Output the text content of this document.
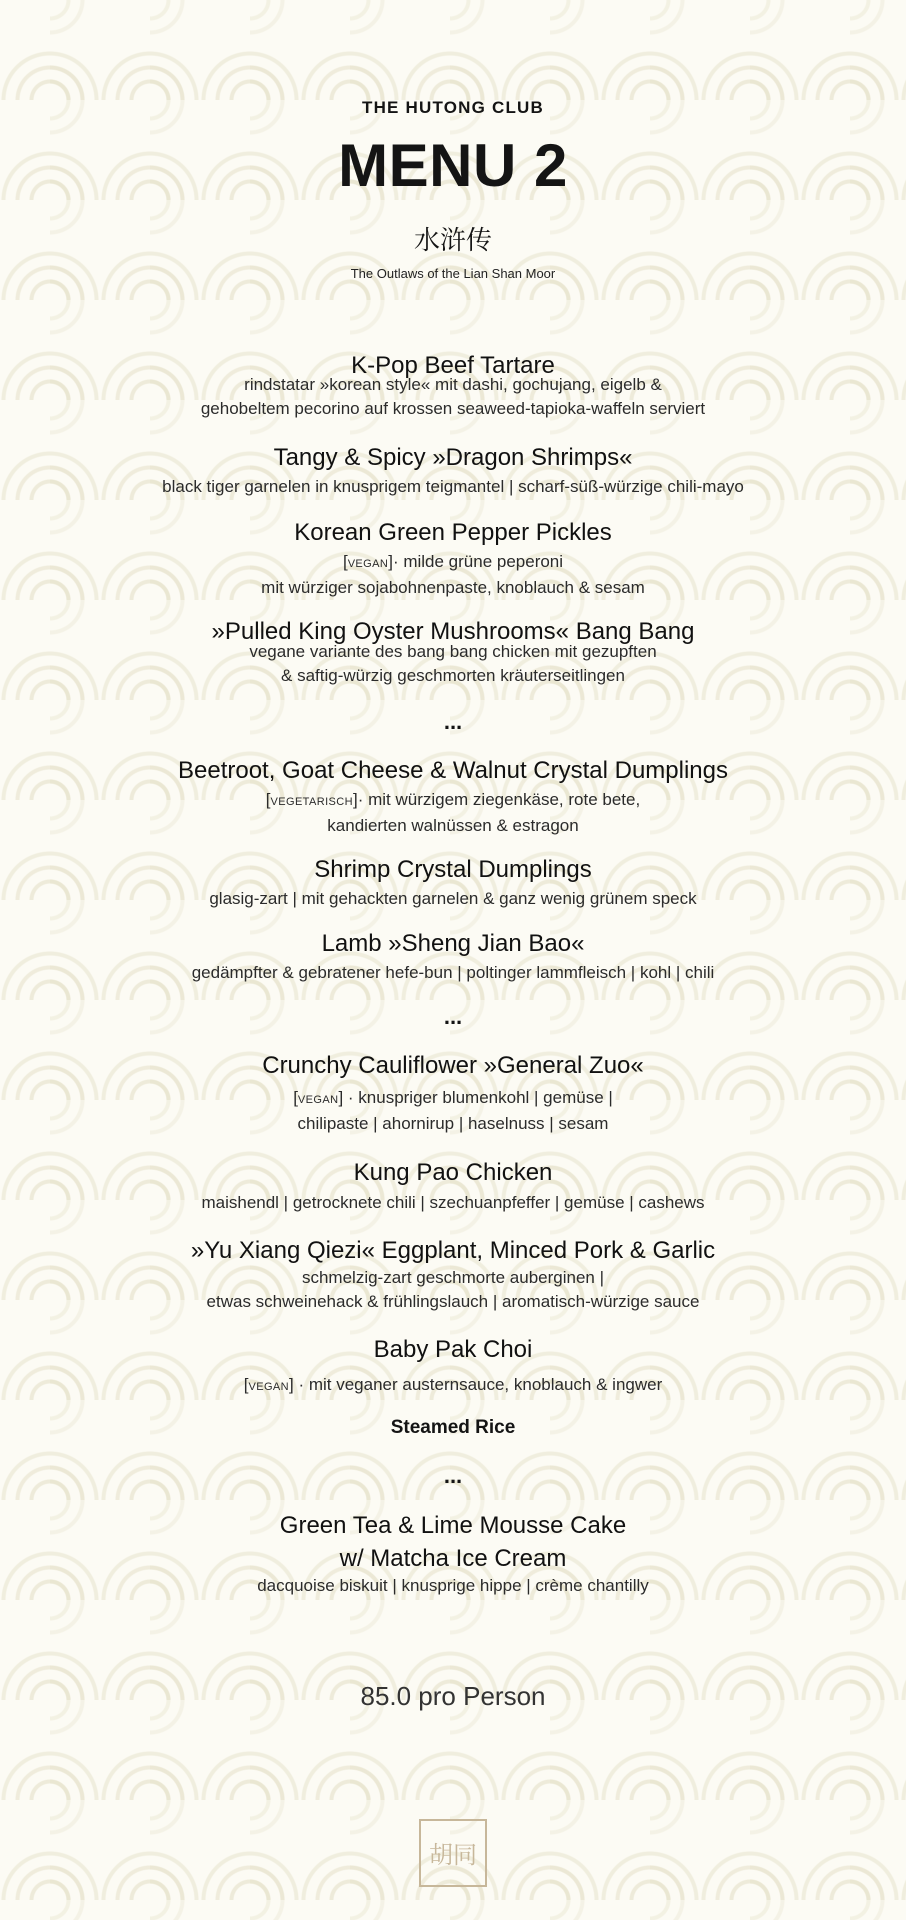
THE HUTONG CLUB
MENU 2
水浒传
The Outlaws of the Lian Shan Moor
K-Pop Beef Tartare
rindstatar »korean style« mit dashi, gochujang, eigelb &
gehobeltem pecorino auf krossen seaweed-tapioka-waffeln serviert
Tangy & Spicy »Dragon Shrimps«
black tiger garnelen in knusprigem teigmantel | scharf-süß-würzige chili-mayo
Korean Green Pepper Pickles
[VEGAN]· milde grüne peperoni
mit würziger sojabohnenpaste, knoblauch & sesam
»Pulled King Oyster Mushrooms« Bang Bang
vegane variante des bang bang chicken mit gezupften
& saftig-würzig geschmorten kräuterseitlingen
...
Beetroot, Goat Cheese & Walnut Crystal Dumplings
[VEGETARISCH]· mit würzigem ziegenkäse, rote bete,
kandierten walnüssen & estragon
Shrimp Crystal Dumplings
glasig-zart | mit gehackten garnelen & ganz wenig grünem speck
Lamb »Sheng Jian Bao«
gedämpfter & gebratener hefe-bun | poltinger lammfleisch | kohl | chili
...
Crunchy Cauliflower »General Zuo«
[VEGAN] · knuspriger blumenkohl | gemüse |
chilipaste | ahornirup | haselnuss | sesam
Kung Pao Chicken
maishendl | getrocknete chili | szechuanpfeffer | gemüse | cashews
»Yu Xiang Qiezi« Eggplant, Minced Pork & Garlic
schmelzig-zart geschmorte auberginen |
etwas schweinehack & frühlingslauch | aromatisch-würzige sauce
Baby Pak Choi
[VEGAN] · mit veganer austernsauce, knoblauch & ingwer
Steamed Rice
...
Green Tea & Lime Mousse Cake
w/ Matcha Ice Cream
dacquoise biskuit | knusprige hippe | crème chantilly
85.0 pro Person
胡同
